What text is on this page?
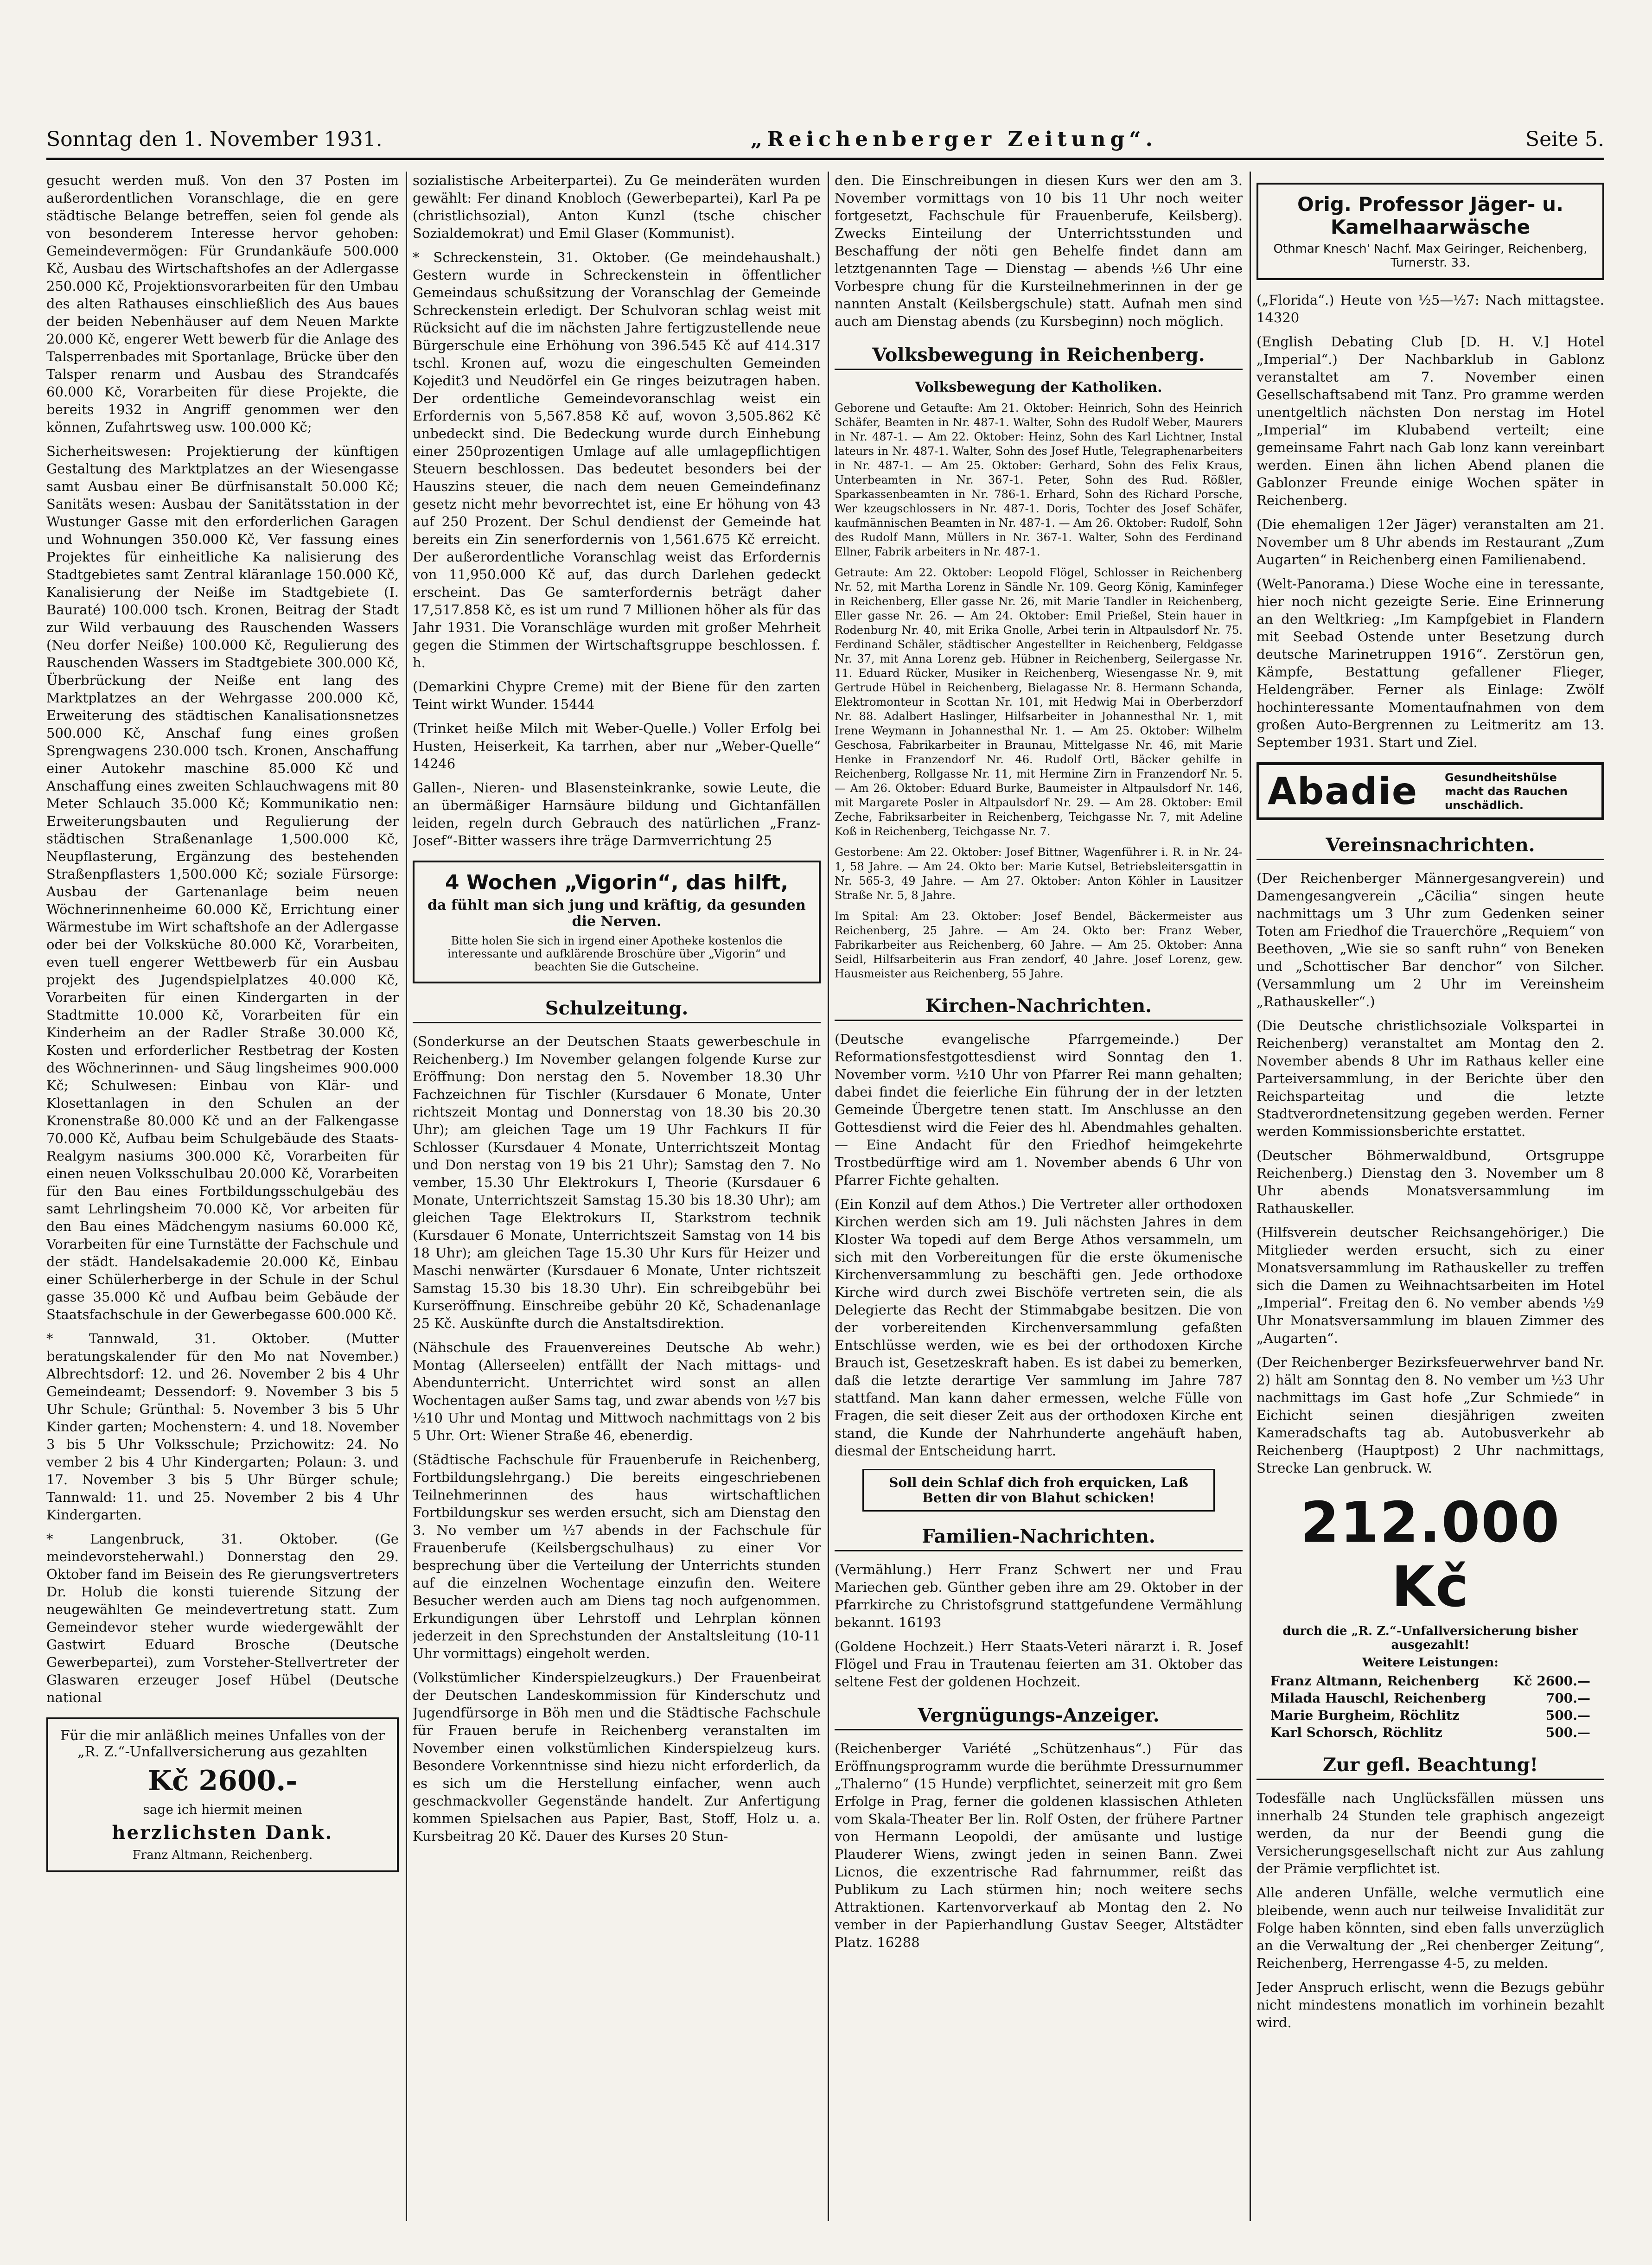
Sonntag den 1. November 1931.	„Reichenberger Zeitung“.	Seite 5.

gesucht werden muß. Von den 37 Posten im außerordentlichen Voranschlage, die en gere städtische Belange betreffen, seien fol gende als von besonderem Interesse hervor gehoben: Gemeindevermögen: Für Grundankäufe 500.000 Kč, Ausbau des Wirtschaftshofes an der Adlergasse 250.000 Kč, Projektionsvorarbeiten für den Umbau des alten Rathauses einschließlich des Aus baues der beiden Nebenhäuser auf dem Neuen Markte 20.000 Kč, engerer Wett bewerb für die Anlage des Talsperrenbades mit Sportanlage, Brücke über den Talsper renarm und Ausbau des Strandcafés 60.000 Kč, Vorarbeiten für diese Projekte, die bereits 1932 in Angriff genommen wer den können, Zufahrtsweg usw. 100.000 Kč;

Sicherheitswesen: Projektierung der künftigen Gestaltung des Marktplatzes an der Wiesengasse samt Ausbau einer Be dürfnisanstalt 50.000 Kč; Sanitäts wesen: Ausbau der Sanitätsstation in der Wustunger Gasse mit den erforderlichen Garagen und Wohnungen 350.000 Kč, Ver fassung eines Projektes für einheitliche Ka nalisierung des Stadtgebietes samt Zentral kläranlage 150.000 Kč, Kanalisierung der Neiße im Stadtgebiete (I. Bauraté) 100.000 tsch. Kronen, Beitrag der Stadt zur Wild verbauung des Rauschenden Wassers (Neu dorfer Neiße) 100.000 Kč, Regulierung des Rauschenden Wassers im Stadtgebiete 300.000 Kč, Überbrückung der Neiße ent lang des Marktplatzes an der Wehrgasse 200.000 Kč, Erweiterung des städtischen Kanalisationsnetzes 500.000 Kč, Anschaf fung eines großen Sprengwagens 230.000 tsch. Kronen, Anschaffung einer Autokehr maschine 85.000 Kč und Anschaffung eines zweiten Schlauchwagens mit 80 Meter Schlauch 35.000 Kč; Kommunikatio nen: Erweiterungsbauten und Regulierung der städtischen Straßenanlage 1,500.000 Kč, Neupflasterung, Ergänzung des bestehenden Straßenpflasters 1,500.000 Kč; soziale Fürsorge: Ausbau der Gartenanlage beim neuen Wöchnerinnenheime 60.000 Kč, Errichtung einer Wärmestube im Wirt schaftshofe an der Adlergasse oder bei der Volksküche 80.000 Kč, Vorarbeiten, even tuell engerer Wettbewerb für ein Ausbau projekt des Jugendspielplatzes 40.000 Kč, Vorarbeiten für einen Kindergarten in der Stadtmitte 10.000 Kč, Vorarbeiten für ein Kinderheim an der Radler Straße 30.000 Kč, Kosten und erforderlicher Restbetrag der Kosten des Wöchnerinnen- und Säug lingsheimes 900.000 Kč; Schulwesen: Einbau von Klär- und Klosettanlagen in den Schulen an der Kronenstraße 80.000 Kč und an der Falkengasse 70.000 Kč, Aufbau beim Schulgebäude des Staats-Realgym nasiums 300.000 Kč, Vorarbeiten für einen neuen Volksschulbau 20.000 Kč, Vorarbeiten für den Bau eines Fortbildungsschulgebäu des samt Lehrlingsheim 70.000 Kč, Vor arbeiten für den Bau eines Mädchengym nasiums 60.000 Kč, Vorarbeiten für eine Turnstätte der Fachschule und der städt. Handelsakademie 20.000 Kč, Einbau einer Schülerherberge in der Schule in der Schul gasse 35.000 Kč und Aufbau beim Gebäude der Staatsfachschule in der Gewerbegasse 600.000 Kč.

* Tannwald, 31. Oktober. (Mutter beratungskalender für den Mo nat November.) Albrechtsdorf: 12. und 26. November 2 bis 4 Uhr Gemeindeamt; Dessendorf: 9. November 3 bis 5 Uhr Schule; Grünthal: 5. November 3 bis 5 Uhr Kinder garten; Mochenstern: 4. und 18. November 3 bis 5 Uhr Volksschule; Przichowitz: 24. No vember 2 bis 4 Uhr Kindergarten; Polaun: 3. und 17. November 3 bis 5 Uhr Bürger schule; Tannwald: 11. und 25. November 2 bis 4 Uhr Kindergarten.

* Langenbruck, 31. Oktober. (Ge meindevorsteherwahl.) Donnerstag den 29. Oktober fand im Beisein des Re gierungsvertreters Dr. Holub die konsti tuierende Sitzung der neugewählten Ge meindevertretung statt. Zum Gemeindevor steher wurde wiedergewählt der Gastwirt Eduard Brosche (Deutsche Gewerbepartei), zum Vorsteher-Stellvertreter der Glaswaren erzeuger Josef Hübel (Deutsche national

Für die mir anläßlich meines Unfalles von der „R. Z.“-Unfallversicherung aus gezahlten
Kč 2600.-
sage ich hiermit meinen
herzlichsten Dank.
Franz Altmann, Reichenberg.

sozialistische Arbeiterpartei). Zu Ge meinderäten wurden gewählt: Fer dinand Knobloch (Gewerbepartei), Karl Pa pe (christlichsozial), Anton Kunzl (tsche chischer Sozialdemokrat) und Emil Glaser (Kommunist).

* Schreckenstein, 31. Oktober. (Ge meindehaushalt.) Gestern wurde in Schreckenstein in öffentlicher Gemeindaus schußsitzung der Voranschlag der Gemeinde Schreckenstein erledigt. Der Schulvoran schlag weist mit Rücksicht auf die im nächsten Jahre fertigzustellende neue Bürgerschule eine Erhöhung von 396.545 Kč auf 414.317 tschl. Kronen auf, wozu die eingeschulten Gemeinden Kojedit3 und Neudörfel ein Ge ringes beizutragen haben. Der ordentliche Gemeindevoranschlag weist ein Erfordernis von 5,567.858 Kč auf, wovon 3,505.862 Kč unbedeckt sind. Die Bedeckung wurde durch Einhebung einer 250prozentigen Umlage auf alle umlagepflichtigen Steuern beschlossen. Das bedeutet besonders bei der Hauszins steuer, die nach dem neuen Gemeindefinanz gesetz nicht mehr bevorrechtet ist, eine Er höhung von 43 auf 250 Prozent. Der Schul dendienst der Gemeinde hat bereits ein Zin senerfordernis von 1,561.675 Kč erreicht. Der außerordentliche Voranschlag weist das Erfordernis von 11,950.000 Kč auf, das durch Darlehen gedeckt erscheint. Das Ge samterfordernis beträgt daher 17,517.858 Kč, es ist um rund 7 Millionen höher als für das Jahr 1931. Die Voranschläge wurden mit großer Mehrheit gegen die Stimmen der Wirtschaftsgruppe beschlossen. f. h.

(Demarkini Chypre Creme) mit der Biene für den zarten Teint wirkt Wunder. 15444

(Trinket heiße Milch mit Weber-Quelle.) Voller Erfolg bei Husten, Heiserkeit, Ka tarrhen, aber nur „Weber-Quelle“ 14246

Gallen-, Nieren- und Blasensteinkranke, sowie Leute, die an übermäßiger Harnsäure bildung und Gichtanfällen leiden, regeln durch Gebrauch des natürlichen „Franz-Josef“-Bitter wassers ihre träge Darmverrichtung 25

4 Wochen „Vigorin“, das hilft,
da fühlt man sich jung und kräftig, da gesunden die Nerven.
Bitte holen Sie sich in irgend einer Apotheke kostenlos die interessante und aufklärende Broschüre über „Vigorin“ und beachten Sie die Gutscheine.
Schulzeitung.

(Sonderkurse an der Deutschen Staats gewerbeschule in Reichenberg.) Im November gelangen folgende Kurse zur Eröffnung: Don nerstag den 5. November 18.30 Uhr Fachzeichnen für Tischler (Kursdauer 6 Monate, Unter richtszeit Montag und Donnerstag von 18.30 bis 20.30 Uhr); am gleichen Tage um 19 Uhr Fachkurs II für Schlosser (Kursdauer 4 Monate, Unterrichtszeit Montag und Don nerstag von 19 bis 21 Uhr); Samstag den 7. No vember, 15.30 Uhr Elektrokurs I, Theorie (Kursdauer 6 Monate, Unterrichtszeit Samstag 15.30 bis 18.30 Uhr); am gleichen Tage Elektrokurs II, Starkstrom technik (Kursdauer 6 Monate, Unterrichtszeit Samstag von 14 bis 18 Uhr); am gleichen Tage 15.30 Uhr Kurs für Heizer und Maschi nenwärter (Kursdauer 6 Monate, Unter richtszeit Samstag 15.30 bis 18.30 Uhr). Ein schreibgebühr bei Kurseröffnung. Einschreibe gebühr 20 Kč, Schadenanlage 25 Kč. Auskünfte durch die Anstaltsdirektion.

(Nähschule des Frauenvereines Deutsche Ab wehr.) Montag (Allerseelen) entfällt der Nach mittags- und Abendunterricht. Unterrichtet wird sonst an allen Wochentagen außer Sams tag, und zwar abends von ½7 bis ½10 Uhr und Montag und Mittwoch nachmittags von 2 bis 5 Uhr. Ort: Wiener Straße 46, ebenerdig.

(Städtische Fachschule für Frauenberufe in Reichenberg, Fortbildungslehrgang.) Die bereits eingeschriebenen Teilnehmerinnen des haus wirtschaftlichen Fortbildungskur ses werden ersucht, sich am Dienstag den 3. No vember um ½7 abends in der Fachschule für Frauenberufe (Keilsbergschulhaus) zu einer Vor besprechung über die Verteilung der Unterrichts stunden auf die einzelnen Wochentage einzufin den. Weitere Besucher werden auch am Diens tag noch aufgenommen. Erkundigungen über Lehrstoff und Lehrplan können jederzeit in den Sprechstunden der Anstaltsleitung (10-11 Uhr vormittags) eingeholt werden.

(Volkstümlicher Kinderspielzeugkurs.) Der Frauenbeirat der Deutschen Landeskommission für Kinderschutz und Jugendfürsorge in Böh men und die Städtische Fachschule für Frauen berufe in Reichenberg veranstalten im November einen volkstümlichen Kinderspielzeug kurs. Besondere Vorkenntnisse sind hiezu nicht erforderlich, da es sich um die Herstellung einfacher, wenn auch geschmackvoller Gegenstände handelt. Zur Anfertigung kommen Spielsachen aus Papier, Bast, Stoff, Holz u. a. Kursbeitrag 20 Kč. Dauer des Kurses 20 Stun-

den. Die Einschreibungen in diesen Kurs wer den am 3. November vormittags von 10 bis 11 Uhr noch weiter fortgesetzt, Fachschule für Frauenberufe, Keilsberg). Zwecks Einteilung der Unterrichtsstunden und Beschaffung der nöti gen Behelfe findet dann am letztgenannten Tage — Dienstag — abends ½6 Uhr eine Vorbespre chung für die Kursteilnehmerinnen in der ge nannten Anstalt (Keilsbergschule) statt. Aufnah men sind auch am Dienstag abends (zu Kursbeginn) noch möglich.

Volksbewegung in Reichenberg.
Volksbewegung der Katholiken.

Geborene und Getaufte: Am 21. Oktober: Heinrich, Sohn des Heinrich Schäfer, Beamten in Nr. 487-1. Walter, Sohn des Rudolf Weber, Maurers in Nr. 487-1. — Am 22. Oktober: Heinz, Sohn des Karl Lichtner, Instal lateurs in Nr. 487-1. Walter, Sohn des Josef Hutle, Telegraphenarbeiters in Nr. 487-1. — Am 25. Oktober: Gerhard, Sohn des Felix Kraus, Unterbeamten in Nr. 367-1. Peter, Sohn des Rud. Rößler, Sparkassenbeamten in Nr. 786-1. Erhard, Sohn des Richard Porsche, Wer kzeugschlossers in Nr. 487-1. Doris, Tochter des Josef Schäfer, kaufmännischen Beamten in Nr. 487-1. — Am 26. Oktober: Rudolf, Sohn des Rudolf Mann, Müllers in Nr. 367-1. Walter, Sohn des Ferdinand Ellner, Fabrik arbeiters in Nr. 487-1.

Getraute: Am 22. Oktober: Leopold Flögel, Schlosser in Reichenberg Nr. 52, mit Martha Lorenz in Sändle Nr. 109. Georg König, Kaminfeger in Reichenberg, Eller gasse Nr. 26, mit Marie Tandler in Reichenberg, Eller gasse Nr. 26. — Am 24. Oktober: Emil Prießel, Stein hauer in Rodenburg Nr. 40, mit Erika Gnolle, Arbei terin in Altpaulsdorf Nr. 75. Ferdinand Schäler, städtischer Angestellter in Reichenberg, Feldgasse Nr. 37, mit Anna Lorenz geb. Hübner in Reichenberg, Seilergasse Nr. 11. Eduard Rücker, Musiker in Reichenberg, Wiesengasse Nr. 9, mit Gertrude Hübel in Reichenberg, Bielagasse Nr. 8. Hermann Schanda, Elektromonteur in Scottan Nr. 101, mit Hedwig Mai in Oberberzdorf Nr. 88. Adalbert Haslinger, Hilfsarbeiter in Johannesthal Nr. 1, mit Irene Weymann in Johannesthal Nr. 1. — Am 25. Oktober: Wilhelm Geschosa, Fabrikarbeiter in Braunau, Mittelgasse Nr. 46, mit Marie Henke in Franzendorf Nr. 46. Rudolf Ortl, Bäcker gehilfe in Reichenberg, Rollgasse Nr. 11, mit Hermine Zirn in Franzendorf Nr. 5. — Am 26. Oktober: Eduard Burke, Baumeister in Altpaulsdorf Nr. 146, mit Margarete Posler in Altpaulsdorf Nr. 29. — Am 28. Oktober: Emil Zeche, Fabriksarbeiter in Reichenberg, Teichgasse Nr. 7, mit Adeline Koß in Reichenberg, Teichgasse Nr. 7.

Gestorbene: Am 22. Oktober: Josef Bittner, Wagenführer i. R. in Nr. 24-1, 58 Jahre. — Am 24. Okto ber: Marie Kutsel, Betriebsleitersgattin in Nr. 565-3, 49 Jahre. — Am 27. Oktober: Anton Köhler in Lausitzer Straße Nr. 5, 8 Jahre.

Im Spital: Am 23. Oktober: Josef Bendel, Bäckermeister aus Reichenberg, 25 Jahre. — Am 24. Okto ber: Franz Weber, Fabrikarbeiter aus Reichenberg, 60 Jahre. — Am 25. Oktober: Anna Seidl, Hilfsarbeiterin aus Fran zendorf, 40 Jahre. Josef Lorenz, gew. Hausmeister aus Reichenberg, 55 Jahre.

Kirchen-Nachrichten.

(Deutsche evangelische Pfarrgemeinde.) Der Reformationsfestgottesdienst wird Sonntag den 1. November vorm. ½10 Uhr von Pfarrer Rei mann gehalten; dabei findet die feierliche Ein führung der in der letzten Gemeinde Übergetre tenen statt. Im Anschlusse an den Gottesdienst wird die Feier des hl. Abendmahles gehalten. — Eine Andacht für den Friedhof heimgekehrte Trostbedürftige wird am 1. November abends 6 Uhr von Pfarrer Fichte gehalten.

(Ein Konzil auf dem Athos.) Die Vertreter aller orthodoxen Kirchen werden sich am 19. Juli nächsten Jahres in dem Kloster Wa topedi auf dem Berge Athos versammeln, um sich mit den Vorbereitungen für die erste ökumenische Kirchenversammlung zu beschäfti gen. Jede orthodoxe Kirche wird durch zwei Bischöfe vertreten sein, die als Delegierte das Recht der Stimmabgabe besitzen. Die von der vorbereitenden Kirchenversammlung gefaßten Entschlüsse werden, wie es bei der orthodoxen Kirche Brauch ist, Gesetzeskraft haben. Es ist dabei zu bemerken, daß die letzte derartige Ver sammlung im Jahre 787 stattfand. Man kann daher ermessen, welche Fülle von Fragen, die seit dieser Zeit aus der orthodoxen Kirche ent stand, die Kunde der Nahrhunderte angehäuft haben, diesmal der Entscheidung harrt.

Soll dein Schlaf dich froh erquicken, Laß Betten dir von Blahut schicken!
Familien-Nachrichten.

(Vermählung.) Herr Franz Schwert ner und Frau Mariechen geb. Günther geben ihre am 29. Oktober in der Pfarrkirche zu Christofsgrund stattgefundene Vermählung bekannt. 16193

(Goldene Hochzeit.) Herr Staats-Veteri närarzt i. R. Josef Flögel und Frau in Trautenau feierten am 31. Oktober das seltene Fest der goldenen Hochzeit.

Vergnügungs-Anzeiger.

(Reichenberger Variété „Schützenhaus“.) Für das Eröffnungsprogramm wurde die berühmte Dressurnummer „Thalerno“ (15 Hunde) verpflichtet, seinerzeit mit gro ßem Erfolge in Prag, ferner die goldenen klassischen Athleten vom Skala-Theater Ber lin. Rolf Osten, der frühere Partner von Hermann Leopoldi, der amüsante und lustige Plauderer Wiens, zwingt jeden in seinen Bann. Zwei Licnos, die exzentrische Rad fahrnummer, reißt das Publikum zu Lach stürmen hin; noch weitere sechs Attraktionen. Kartenvorverkauf ab Montag den 2. No vember in der Papierhandlung Gustav Seeger, Altstädter Platz. 16288

Orig. Professor Jäger- u. Kamelhaarwäsche
Othmar Knesch' Nachf. Max Geiringer, Reichenberg, Turnerstr. 33.

(„Florida“.) Heute von ½5—½7: Nach mittagstee. 14320

(English Debating Club [D. H. V.] Hotel „Imperial“.) Der Nachbarklub in Gablonz veranstaltet am 7. November einen Gesellschaftsabend mit Tanz. Pro gramme werden unentgeltlich nächsten Don nerstag im Hotel „Imperial“ im Klubabend verteilt; eine gemeinsame Fahrt nach Gab lonz kann vereinbart werden. Einen ähn lichen Abend planen die Gablonzer Freunde einige Wochen später in Reichenberg.

(Die ehemaligen 12er Jäger) veranstalten am 21. November um 8 Uhr abends im Restaurant „Zum Augarten“ in Reichenberg einen Familienabend.

(Welt-Panorama.) Diese Woche eine in teressante, hier noch nicht gezeigte Serie. Eine Erinnerung an den Weltkrieg: „Im Kampfgebiet in Flandern mit Seebad Ostende unter Besetzung durch deutsche Marinetruppen 1916“. Zerstörun gen, Kämpfe, Bestattung gefallener Flieger, Heldengräber. Ferner als Einlage: Zwölf hochinteressante Momentaufnahmen von dem großen Auto-Bergrennen zu Leitmeritz am 13. September 1931. Start und Ziel.

Abadie Gesundheitshülse macht das Rauchen unschädlich.
Vereinsnachrichten.

(Der Reichenberger Männergesangverein) und Damengesangverein „Cäcilia“ singen heute nachmittags um 3 Uhr zum Gedenken seiner Toten am Friedhof die Trauerchöre „Requiem“ von Beethoven, „Wie sie so sanft ruhn“ von Beneken und „Schottischer Bar denchor“ von Silcher. (Versammlung um 2 Uhr im Vereinsheim „Rathauskeller“.)

(Die Deutsche christlichsoziale Volkspartei in Reichenberg) veranstaltet am Montag den 2. November abends 8 Uhr im Rathaus keller eine Parteiversammlung, in der Berichte über den Reichsparteitag und die letzte Stadtverordnetensitzung gegeben werden. Ferner werden Kommissionsberichte erstattet.

(Deutscher Böhmerwaldbund, Ortsgruppe Reichenberg.) Dienstag den 3. November um 8 Uhr abends Monatsversammlung im Rathauskeller.

(Hilfsverein deutscher Reichsangehöriger.) Die Mitglieder werden ersucht, sich zu einer Monatsversammlung im Rathauskeller zu treffen sich die Damen zu Weihnachtsarbeiten im Hotel „Imperial“. Freitag den 6. No vember abends ½9 Uhr Monatsversammlung im blauen Zimmer des „Augarten“.

(Der Reichenberger Bezirksfeuerwehrver band Nr. 2) hält am Sonntag den 8. No vember um ½3 Uhr nachmittags im Gast hofe „Zur Schmiede“ in Eichicht seinen diesjährigen zweiten Kameradschafts tag ab. Autobusverkehr ab Reichenberg (Hauptpost) 2 Uhr nachmittags, Strecke Lan genbruck. W.

212.000 Kč
durch die „R. Z.“-Unfallversicherung bisher ausgezahlt!
Weitere Leistungen:
Franz Altmann, Reichenberg	Kč 2600.—
Milada Hauschl, Reichenberg	700.—
Marie Burgheim, Röchlitz	500.—
Karl Schorsch, Röchlitz	500.—
Zur gefl. Beachtung!

Todesfälle nach Unglücksfällen müssen uns innerhalb 24 Stunden tele graphisch angezeigt werden, da nur der Beendi gung die Versicherungsgesellschaft nicht zur Aus zahlung der Prämie verpflichtet ist.

Alle anderen Unfälle, welche vermutlich eine bleibende, wenn auch nur teilweise Invalidität zur Folge haben könnten, sind eben falls unverzüglich an die Verwaltung der „Rei chenberger Zeitung“, Reichenberg, Herrengasse 4-5, zu melden.

Jeder Anspruch erlischt, wenn die Bezugs gebühr nicht mindestens monatlich im vorhinein bezahlt wird.
